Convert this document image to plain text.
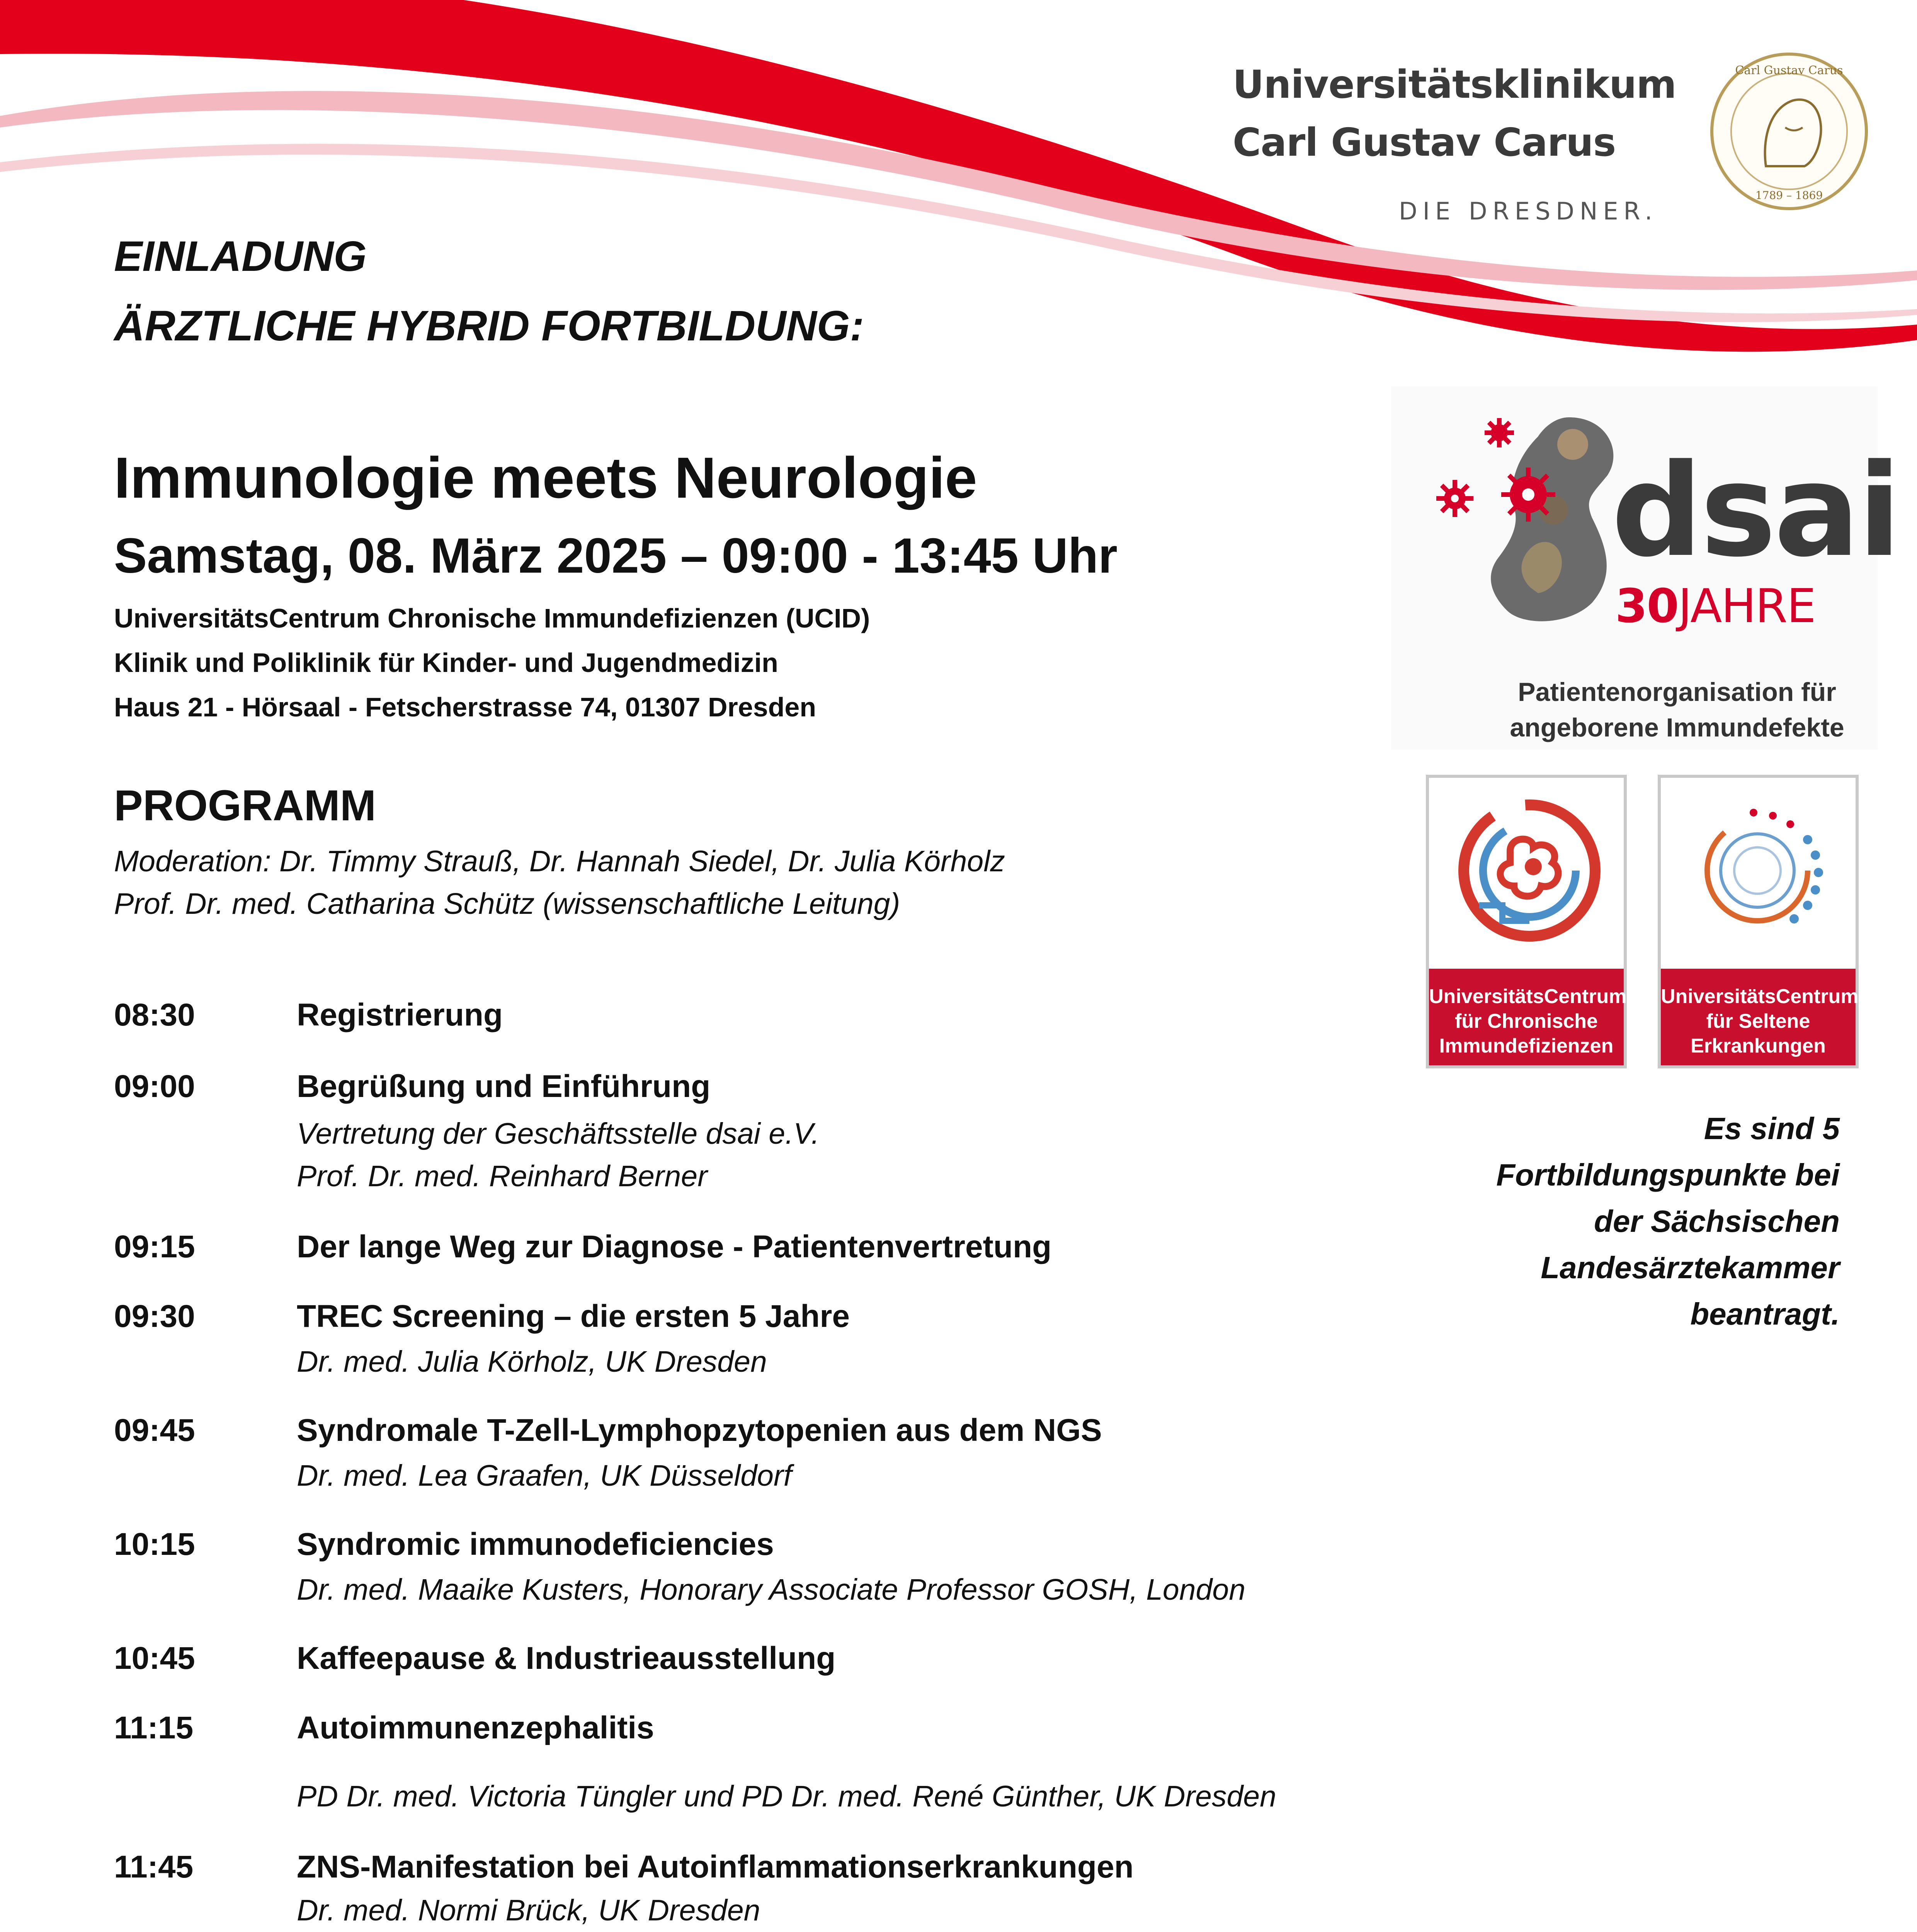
Universitätsklinikum
Carl Gustav Carus
DIE DRESDNER.
Carl Gustav Carus
1789 – 1869
EINLADUNG
ÄRZTLICHE HYBRID FORTBILDUNG:
Immunologie meets Neurologie
Samstag, 08. März 2025 – 09:00 - 13:45 Uhr
UniversitätsCentrum Chronische Immundefizienzen (UCID)
Klinik und Poliklinik für Kinder- und Jugendmedizin
Haus 21 - Hörsaal - Fetscherstrasse 74, 01307 Dresden
PROGRAMM
Moderation: Dr. Timmy Strauß, Dr. Hannah Siedel, Dr. Julia Körholz
Prof. Dr. med. Catharina Schütz (wissenschaftliche Leitung)
08:30	Registrierung
09:00	Begrüßung und Einführung
Vertretung der Geschäftsstelle dsai e.V.
Prof. Dr. med. Reinhard Berner
09:15	Der lange Weg zur Diagnose - Patientenvertretung
09:30	TREC Screening – die ersten 5 Jahre
Dr. med. Julia Körholz, UK Dresden
09:45	Syndromale T-Zell-Lymphopzytopenien aus dem NGS
Dr. med. Lea Graafen, UK Düsseldorf
10:15	Syndromic immunodeficiencies
Dr. med. Maaike Kusters, Honorary Associate Professor GOSH, London
10:45	Kaffeepause & Industrieausstellung
11:15	Autoimmunenzephalitis
PD Dr. med. Victoria Tüngler und PD Dr. med. René Günther, UK Dresden
11:45	ZNS-Manifestation bei Autoinflammationserkrankungen
Dr. med. Normi Brück, UK Dresden
dsai
30JAHRE
Patientenorganisation für
angeborene Immundefekte
UniversitätsCentrum
für Chronische
Immundefizienzen
UniversitätsCentrum
für Seltene
Erkrankungen
Es sind 5
Fortbildungspunkte bei
der Sächsischen
Landesärztekammer
beantragt.
